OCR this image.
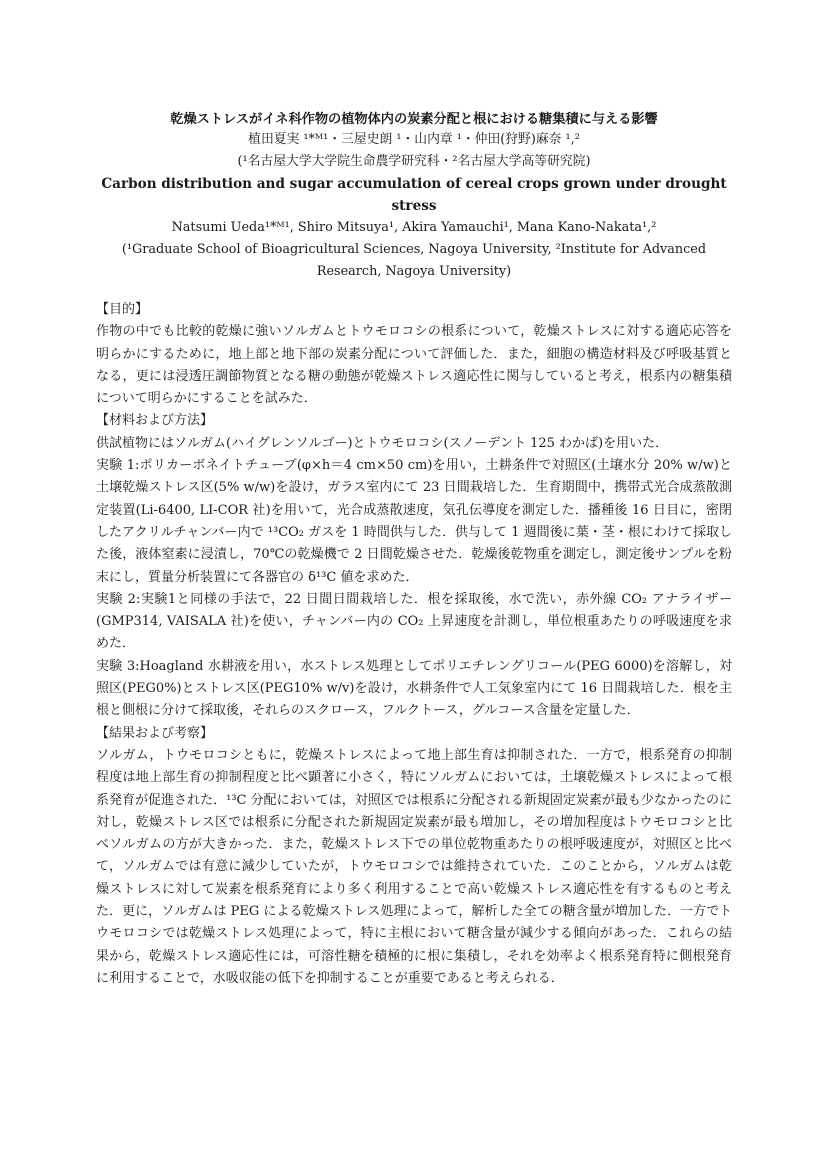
乾燥ストレスがイネ科作物の植物体内の炭素分配と根における糖集積に与える影響
植田夏実 ¹*ᴹ¹・三屋史朗 ¹・山内章 ¹・仲田(狩野)麻奈 ¹,²
(¹名古屋大学大学院生命農学研究科・²名古屋大学高等研究院)
Carbon distribution and sugar accumulation of cereal crops grown under drought stress
Natsumi Ueda¹*ᴹ¹, Shiro Mitsuya¹, Akira Yamauchi¹, Mana Kano-Nakata¹,²
(¹Graduate School of Bioagricultural Sciences, Nagoya University, ²Institute for Advanced Research, Nagoya University)
【目的】
作物の中でも比較的乾燥に強いソルガムとトウモロコシの根系について，乾燥ストレスに対する適応応答を明らかにするために，地上部と地下部の炭素分配について評価した．また，細胞の構造材料及び呼吸基質となる，更には浸透圧調節物質となる糖の動態が乾燥ストレス適応性に関与していると考え，根系内の糖集積について明らかにすることを試みた．
【材料および方法】
供試植物にはソルガム(ハイグレンソルゴー)とトウモロコシ(スノーデント 125 わかば)を用いた．
実験 1:ポリカーボネイトチューブ(φ×h＝4 cm×50 cm)を用い，土耕条件で対照区(土壌水分 20% w/w)と土壌乾燥ストレス区(5% w/w)を設け，ガラス室内にて 23 日間栽培した．生育期間中，携帯式光合成蒸散測定装置(Li-6400, LI-COR 社)を用いて，光合成蒸散速度，気孔伝導度を測定した．播種後 16 日目に，密閉したアクリルチャンバー内で ¹³CO₂ ガスを 1 時間供与した．供与して 1 週間後に葉・茎・根にわけて採取した後，液体窒素に浸漬し，70℃の乾燥機で 2 日間乾燥させた．乾燥後乾物重を測定し，測定後サンプルを粉末にし，質量分析装置にて各器官の δ¹³C 値を求めた．
実験 2:実験1と同様の手法で，22 日間日間栽培した．根を採取後，水で洗い，赤外線 CO₂ アナライザー(GMP314, VAISALA 社)を使い，チャンバー内の CO₂ 上昇速度を計測し，単位根重あたりの呼吸速度を求めた．
実験 3:Hoagland 水耕液を用い，水ストレス処理としてポリエチレングリコール(PEG 6000)を溶解し，対照区(PEG0%)とストレス区(PEG10% w/v)を設け，水耕条件で人工気象室内にて 16 日間栽培した．根を主根と側根に分けて採取後，それらのスクロース，フルクトース，グルコース含量を定量した．
【結果および考察】
ソルガム，トウモロコシともに，乾燥ストレスによって地上部生育は抑制された．一方で，根系発育の抑制程度は地上部生育の抑制程度と比べ顕著に小さく，特にソルガムにおいては，土壌乾燥ストレスによって根系発育が促進された．¹³C 分配においては，対照区では根系に分配される新規固定炭素が最も少なかったのに対し，乾燥ストレス区では根系に分配された新規固定炭素が最も増加し，その増加程度はトウモロコシと比べソルガムの方が大きかった．また，乾燥ストレス下での単位乾物重あたりの根呼吸速度が，対照区と比べて，ソルガムでは有意に減少していたが，トウモロコシでは維持されていた．このことから，ソルガムは乾燥ストレスに対して炭素を根系発育により多く利用することで高い乾燥ストレス適応性を有するものと考えた．更に，ソルガムは PEG による乾燥ストレス処理によって，解析した全ての糖含量が増加した．一方でトウモロコシでは乾燥ストレス処理によって，特に主根において糖含量が減少する傾向があった．これらの結果から，乾燥ストレス適応性には，可溶性糖を積極的に根に集積し，それを効率よく根系発育特に側根発育に利用することで，水吸収能の低下を抑制することが重要であると考えられる．
